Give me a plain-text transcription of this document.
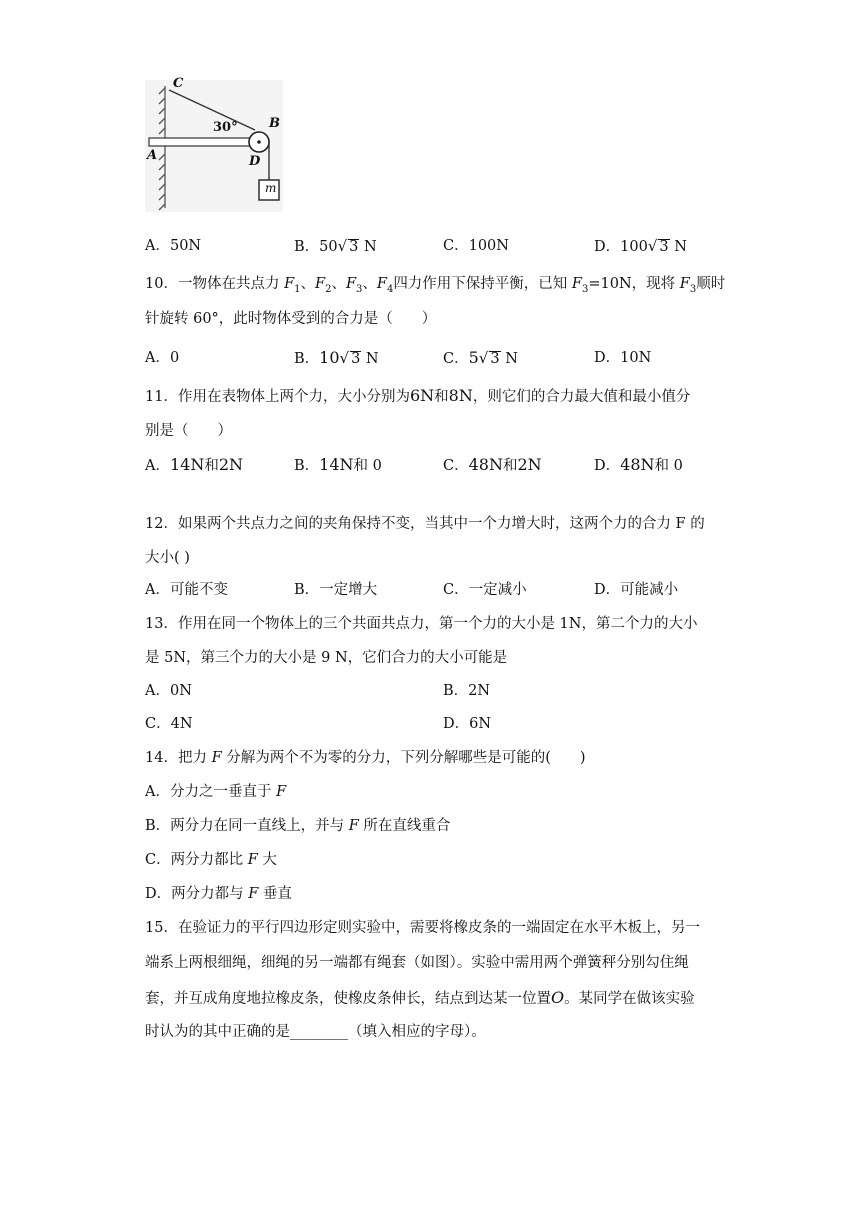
C
A
B
D
m
30°
A ． 50N	B ． 50√ 3 N	C ． 100N	D ． 100√ 3 N
10 ． 一物体在共点力 $F_1$、$F_2$、$F_3$、$F_4$四力作用下保持平衡，已知 $F_3=10N$，现将 $F_3$顺时
针旋转 60°，此时物体受到的合力是（　　）
A ． 0	B ． 10√ 3 N	C ． 5√ 3 N	D ． 10N
11 ． 作用在表物体上两个力，大小分别为6N和8N，则它们的合力最大值和最小值分
别是（　　）
A ． 14N和2N	B ． 14N和 0	C ． 48N和2N	D ． 48N和 0
12 ． 如果两个共点力之间的夹角保持不变，当其中一个力增大时，这两个力的合力 F 的
大小( )
A ． 可能不变	B ． 一定增大	C ． 一定减小	D ． 可能减小
13 ． 作用在同一个物体上的三个共面共点力，第一个力的大小是 1N，第二个力的大小
是 5N，第三个力的大小是 9 N，它们合力的大小可能是
A ． 0N	B ． 2N
C ． 4N	D ． 6N
14 ． 把力 F 分解为两个不为零的分力，下列分解哪些是可能的(　　)
A ． 分力之一垂直于 F
B ． 两分力在同一直线上，并与 F 所在直线重合
C ． 两分力都比 F 大
D ． 两分力都与 F 垂直
15 ． 在验证力的平行四边形定则实验中，需要将橡皮条的一端固定在水平木板上，另一
端系上两根细绳，细绳的另一端都有绳套（如图）。实验中需用两个弹簧秤分别勾住绳
套，并互成角度地拉橡皮条，使橡皮条伸长，结点到达某一位置O。某同学在做该实验
时认为的其中正确的是________（填入相应的字母）。
